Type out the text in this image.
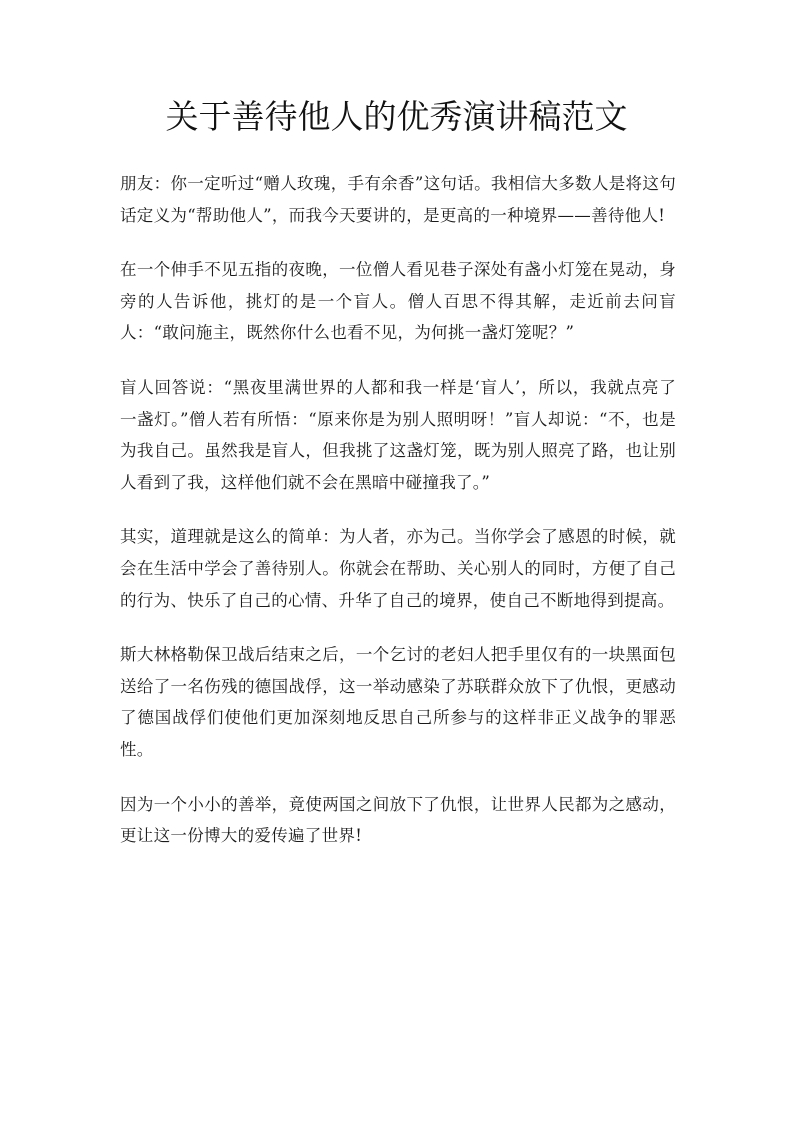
关于善待他人的优秀演讲稿范文

朋友：你一定听过“赠人玫瑰，手有余香”这句话。我相信大多数人是将这句话定义为“帮助他人”，而我今天要讲的，是更高的一种境界——善待他人!

在一个伸手不见五指的夜晚，一位僧人看见巷子深处有盏小灯笼在晃动，身旁的人告诉他，挑灯的是一个盲人。僧人百思不得其解，走近前去问盲人：“敢问施主，既然你什么也看不见，为何挑一盏灯笼呢？”

盲人回答说：“黑夜里满世界的人都和我一样是‘盲人’，所以，我就点亮了一盏灯。”僧人若有所悟：“原来你是为别人照明呀！”盲人却说：“不，也是为我自己。虽然我是盲人，但我挑了这盏灯笼，既为别人照亮了路，也让别人看到了我，这样他们就不会在黑暗中碰撞我了。”

其实，道理就是这么的简单：为人者，亦为己。当你学会了感恩的时候，就会在生活中学会了善待别人。你就会在帮助、关心别人的同时，方便了自己的行为、快乐了自己的心情、升华了自己的境界，使自己不断地得到提高。

斯大林格勒保卫战后结束之后，一个乞讨的老妇人把手里仅有的一块黑面包送给了一名伤残的德国战俘，这一举动感染了苏联群众放下了仇恨，更感动了德国战俘们使他们更加深刻地反思自己所参与的这样非正义战争的罪恶性。

因为一个小小的善举，竟使两国之间放下了仇恨，让世界人民都为之感动，更让这一份博大的爱传遍了世界!
